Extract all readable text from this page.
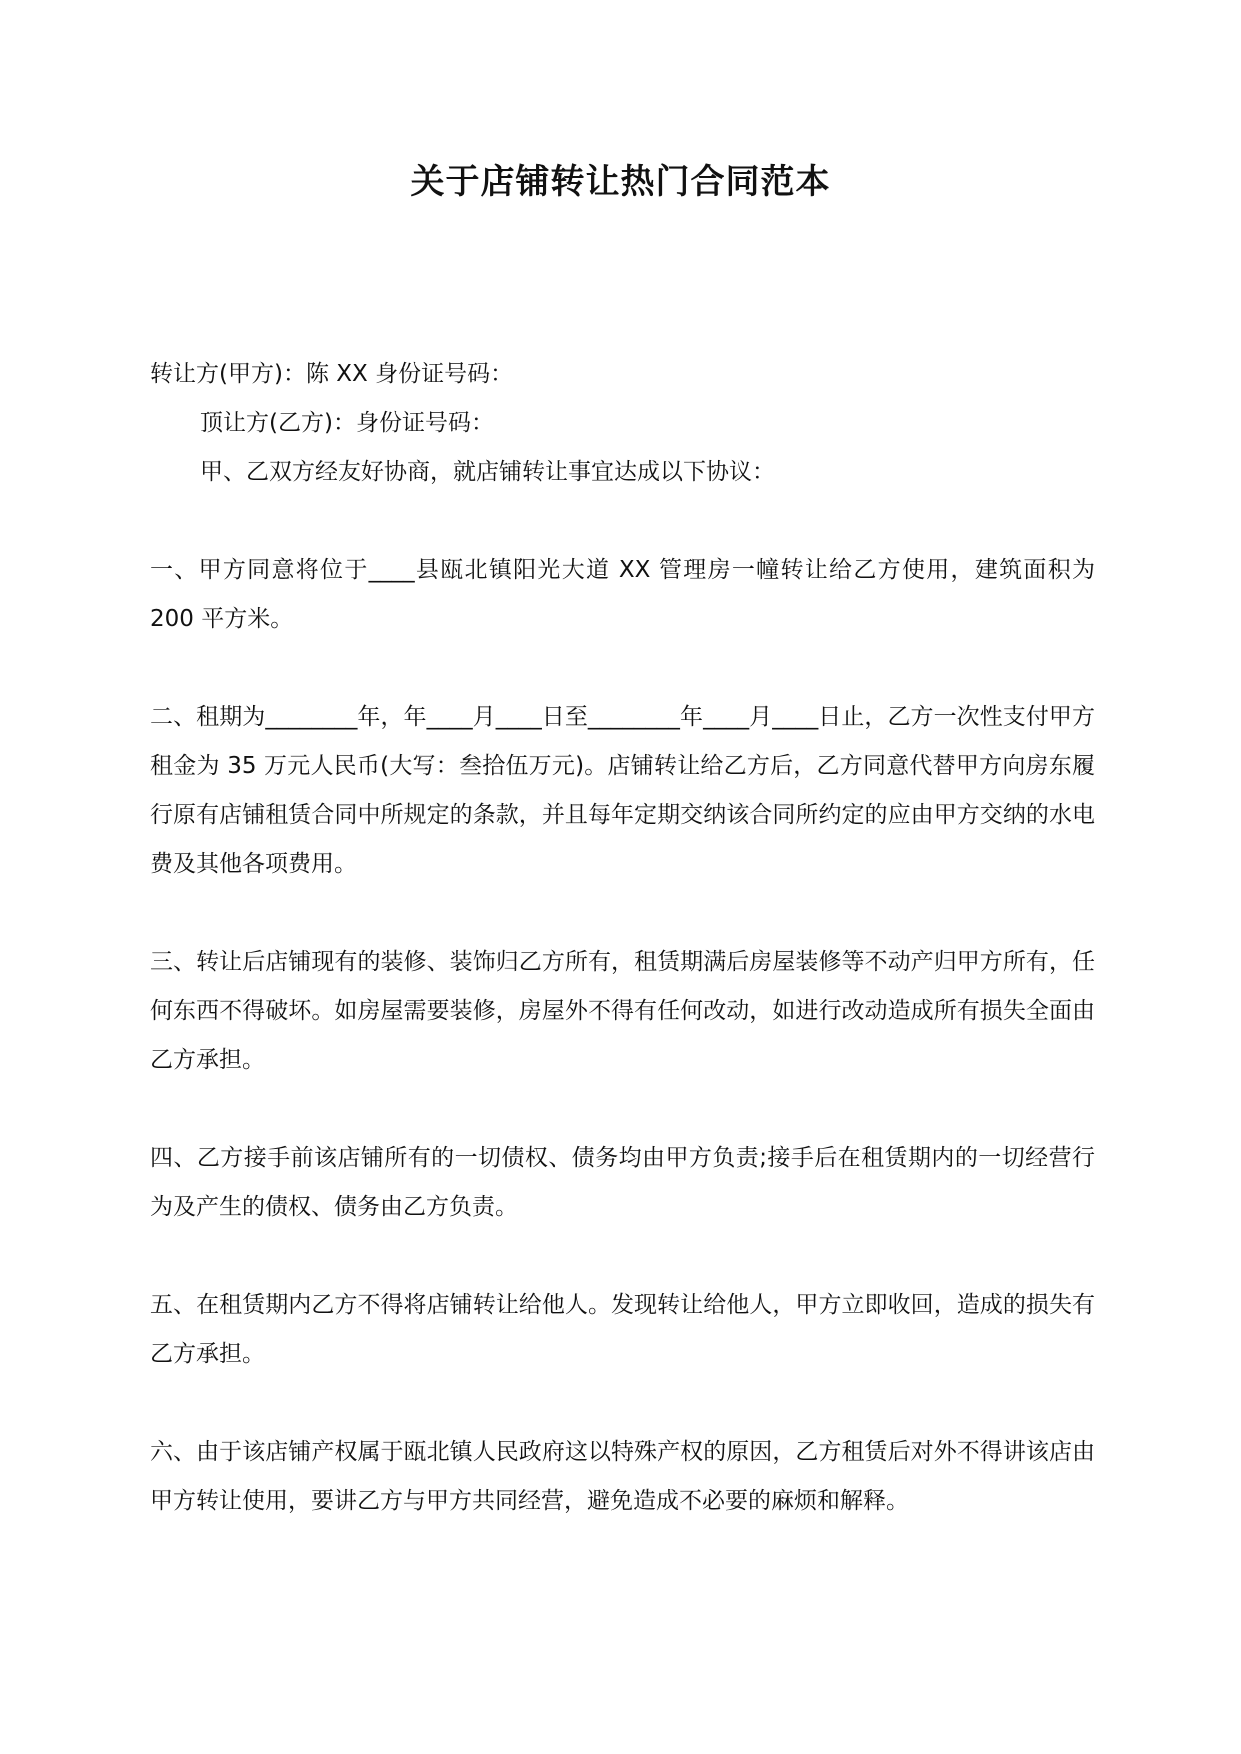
关于店铺转让热门合同范本

转让方(甲方)：陈 XX 身份证号码：

顶让方(乙方)：身份证号码：

甲、乙双方经友好协商，就店铺转让事宜达成以下协议：

一、甲方同意将位于____县瓯北镇阳光大道 XX 管理房一幢转让给乙方使用，建筑面积为 200 平方米。

二、租期为________年，年____月____日至________年____月____日止，乙方一次性支付甲方租金为 35 万元人民币(大写：叁拾伍万元)。店铺转让给乙方后，乙方同意代替甲方向房东履行原有店铺租赁合同中所规定的条款，并且每年定期交纳该合同所约定的应由甲方交纳的水电费及其他各项费用。

三、转让后店铺现有的装修、装饰归乙方所有，租赁期满后房屋装修等不动产归甲方所有，任何东西不得破坏。如房屋需要装修，房屋外不得有任何改动，如进行改动造成所有损失全面由乙方承担。

四、乙方接手前该店铺所有的一切债权、债务均由甲方负责;接手后在租赁期内的一切经营行为及产生的债权、债务由乙方负责。

五、在租赁期内乙方不得将店铺转让给他人。发现转让给他人，甲方立即收回，造成的损失有乙方承担。

六、由于该店铺产权属于瓯北镇人民政府这以特殊产权的原因，乙方租赁后对外不得讲该店由甲方转让使用，要讲乙方与甲方共同经营，避免造成不必要的麻烦和解释。
